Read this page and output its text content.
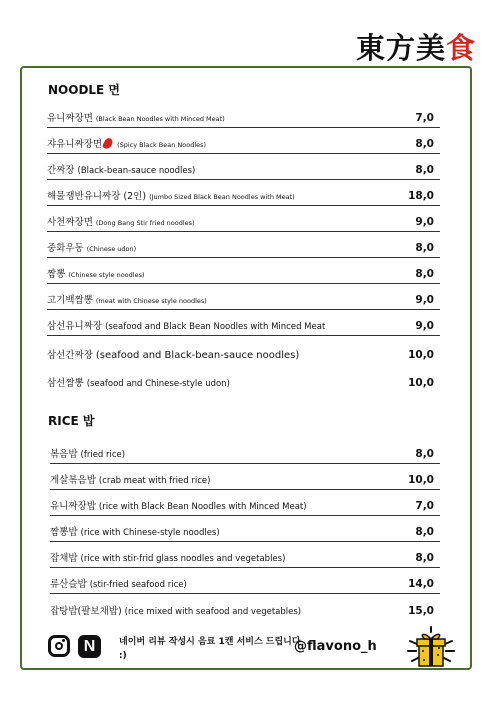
東方美食
NOODLE 면
유니짜장면 (Black Bean Noodles with Minced Meat)	7,0
쟈유니짜장면 (Spicy Black Bean Noodles)	8,0
간짜장 (Black-bean-sauce noodles)	8,0
해물쟁반유니짜장 (2인) (Jumbo Sized Black Bean Noodles with Meat)	18,0
사천짜장면 (Dong Bang Stir fried noodles)	9,0
중화우동 (Chinese udon)	8,0
짬뽕 (Chinese style noodles)	8,0
고기백짬뽕 (meat with Chinese style noodles)	9,0
삼선유니짜장 (seafood and Black Bean Noodles with Minced Meat	9,0
삼선간짜장 (seafood and Black-bean-sauce noodles)	10,0
삼선짬뽕 (seafood and Chinese-style udon)	10,0
RICE 밥
볶음밥 (fried rice)	8,0
게살볶음밥 (crab meat with fried rice)	10,0
유니짜장밥 (rice with Black Bean Noodles with Minced Meat)	7,0
짬뽕밥 (rice with Chinese-style noodles)	8,0
잡채밥 (rice with stir-frid glass noodles and vegetables)	8,0
류산슬밥 (stir-fried seafood rice)	14,0
잡탕밥(팔보채밥) (rice mixed with seafood and vegetables)	15,0
N	네이버 리뷰 작성시 음료 1캔 서비스 드립니다 :)
@flavono_h
